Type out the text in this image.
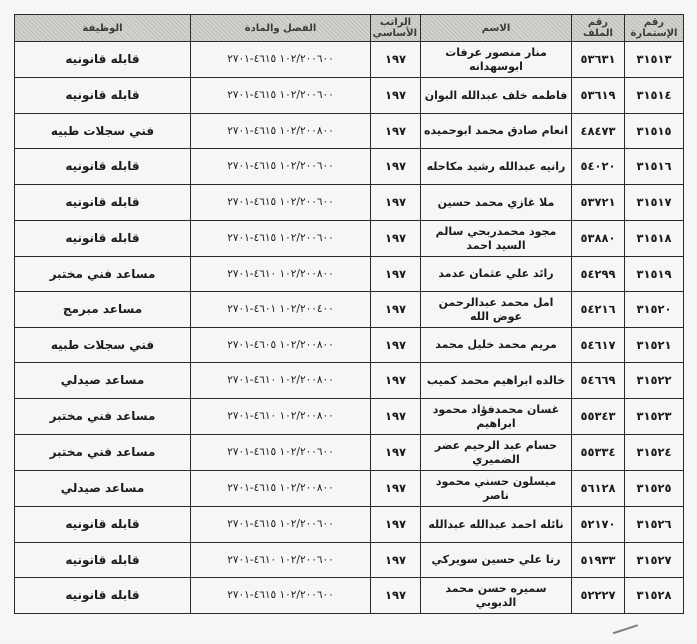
رقم الإستمارة	رقم الملف	الاسم	الراتب الأساسي	الفصل والمادة	الوظيفة
٣١٥١٣	٥٣٦٣١	منار منصور عرفات ابوسهدانه	١٩٧	١٠٢/٢٠٠٦٠٠ ٤٦١٥-٢٧٠١	قابله قانونيه
٣١٥١٤	٥٣٦١٩	فاطمه خلف عبدالله البوان	١٩٧	١٠٢/٢٠٠٦٠٠ ٤٦١٥-٢٧٠١	قابله قانونيه
٣١٥١٥	٤٨٤٧٣	انعام صادق محمد ابوحميده	١٩٧	١٠٢/٢٠٠٨٠٠ ٤٦١٥-٢٧٠١	فني سجلات طبيه
٣١٥١٦	٥٤٠٢٠	رانيه عبدالله رشيد مكاحله	١٩٧	١٠٢/٢٠٠٦٠٠ ٤٦١٥-٢٧٠١	قابله قانونيه
٣١٥١٧	٥٣٧٢١	ملا غازي محمد حسين	١٩٧	١٠٢/٢٠٠٦٠٠ ٤٦١٥-٢٧٠١	قابله قانونيه
٣١٥١٨	٥٣٨٨٠	مجود محمدربحي سالم السيد احمد	١٩٧	١٠٢/٢٠٠٦٠٠ ٤٦١٥-٢٧٠١	قابله قانونيه
٣١٥١٩	٥٤٢٩٩	رائد علي عثمان عدمد	١٩٧	١٠٢/٢٠٠٨٠٠ ٤٦١٠-٢٧٠١	مساعد فني مختبر
٣١٥٢٠	٥٤٢١٦	امل محمد عبدالرحمن عوض الله	١٩٧	١٠٢/٢٠٠٤٠٠ ٤٦٠١-٢٧٠١	مساعد مبرمج
٣١٥٢١	٥٤٦١٧	مريم محمد خليل محمد	١٩٧	١٠٢/٢٠٠٨٠٠ ٤٦٠٥-٢٧٠١	فني سجلات طبيه
٣١٥٢٢	٥٤٦٦٩	خالده ابراهيم محمد كميب	١٩٧	١٠٢/٢٠٠٨٠٠ ٤٦١٠-٢٧٠١	مساعد صيدلي
٣١٥٢٣	٥٥٣٤٣	غسان محمدفؤاد محمود ابراهيم	١٩٧	١٠٢/٢٠٠٨٠٠ ٤٦١٠-٢٧٠١	مساعد فني مختبر
٣١٥٢٤	٥٥٣٣٤	حسام عبد الرحيم عضر الضميري	١٩٧	١٠٢/٢٠٠٦٠٠ ٤٦١٥-٢٧٠١	مساعد فني مختبر
٣١٥٢٥	٥٦١٢٨	ميسلون حسني محمود ناصر	١٩٧	١٠٢/٢٠٠٨٠٠ ٤٦١٥-٢٧٠١	مساعد صيدلي
٣١٥٢٦	٥٢١٧٠	نائله احمد عبدالله عبدالله	١٩٧	١٠٢/٢٠٠٦٠٠ ٤٦١٥-٢٧٠١	قابله قانونيه
٣١٥٢٧	٥١٩٣٣	رنا علي حسين سويركي	١٩٧	١٠٢/٢٠٠٦٠٠ ٤٦١٠-٢٧٠١	قابله قانونيه
٣١٥٢٨	٥٢٢٢٧	سميره حسن محمد الدبوبي	١٩٧	١٠٢/٢٠٠٦٠٠ ٤٦١٥-٢٧٠١	قابله قانونيه
